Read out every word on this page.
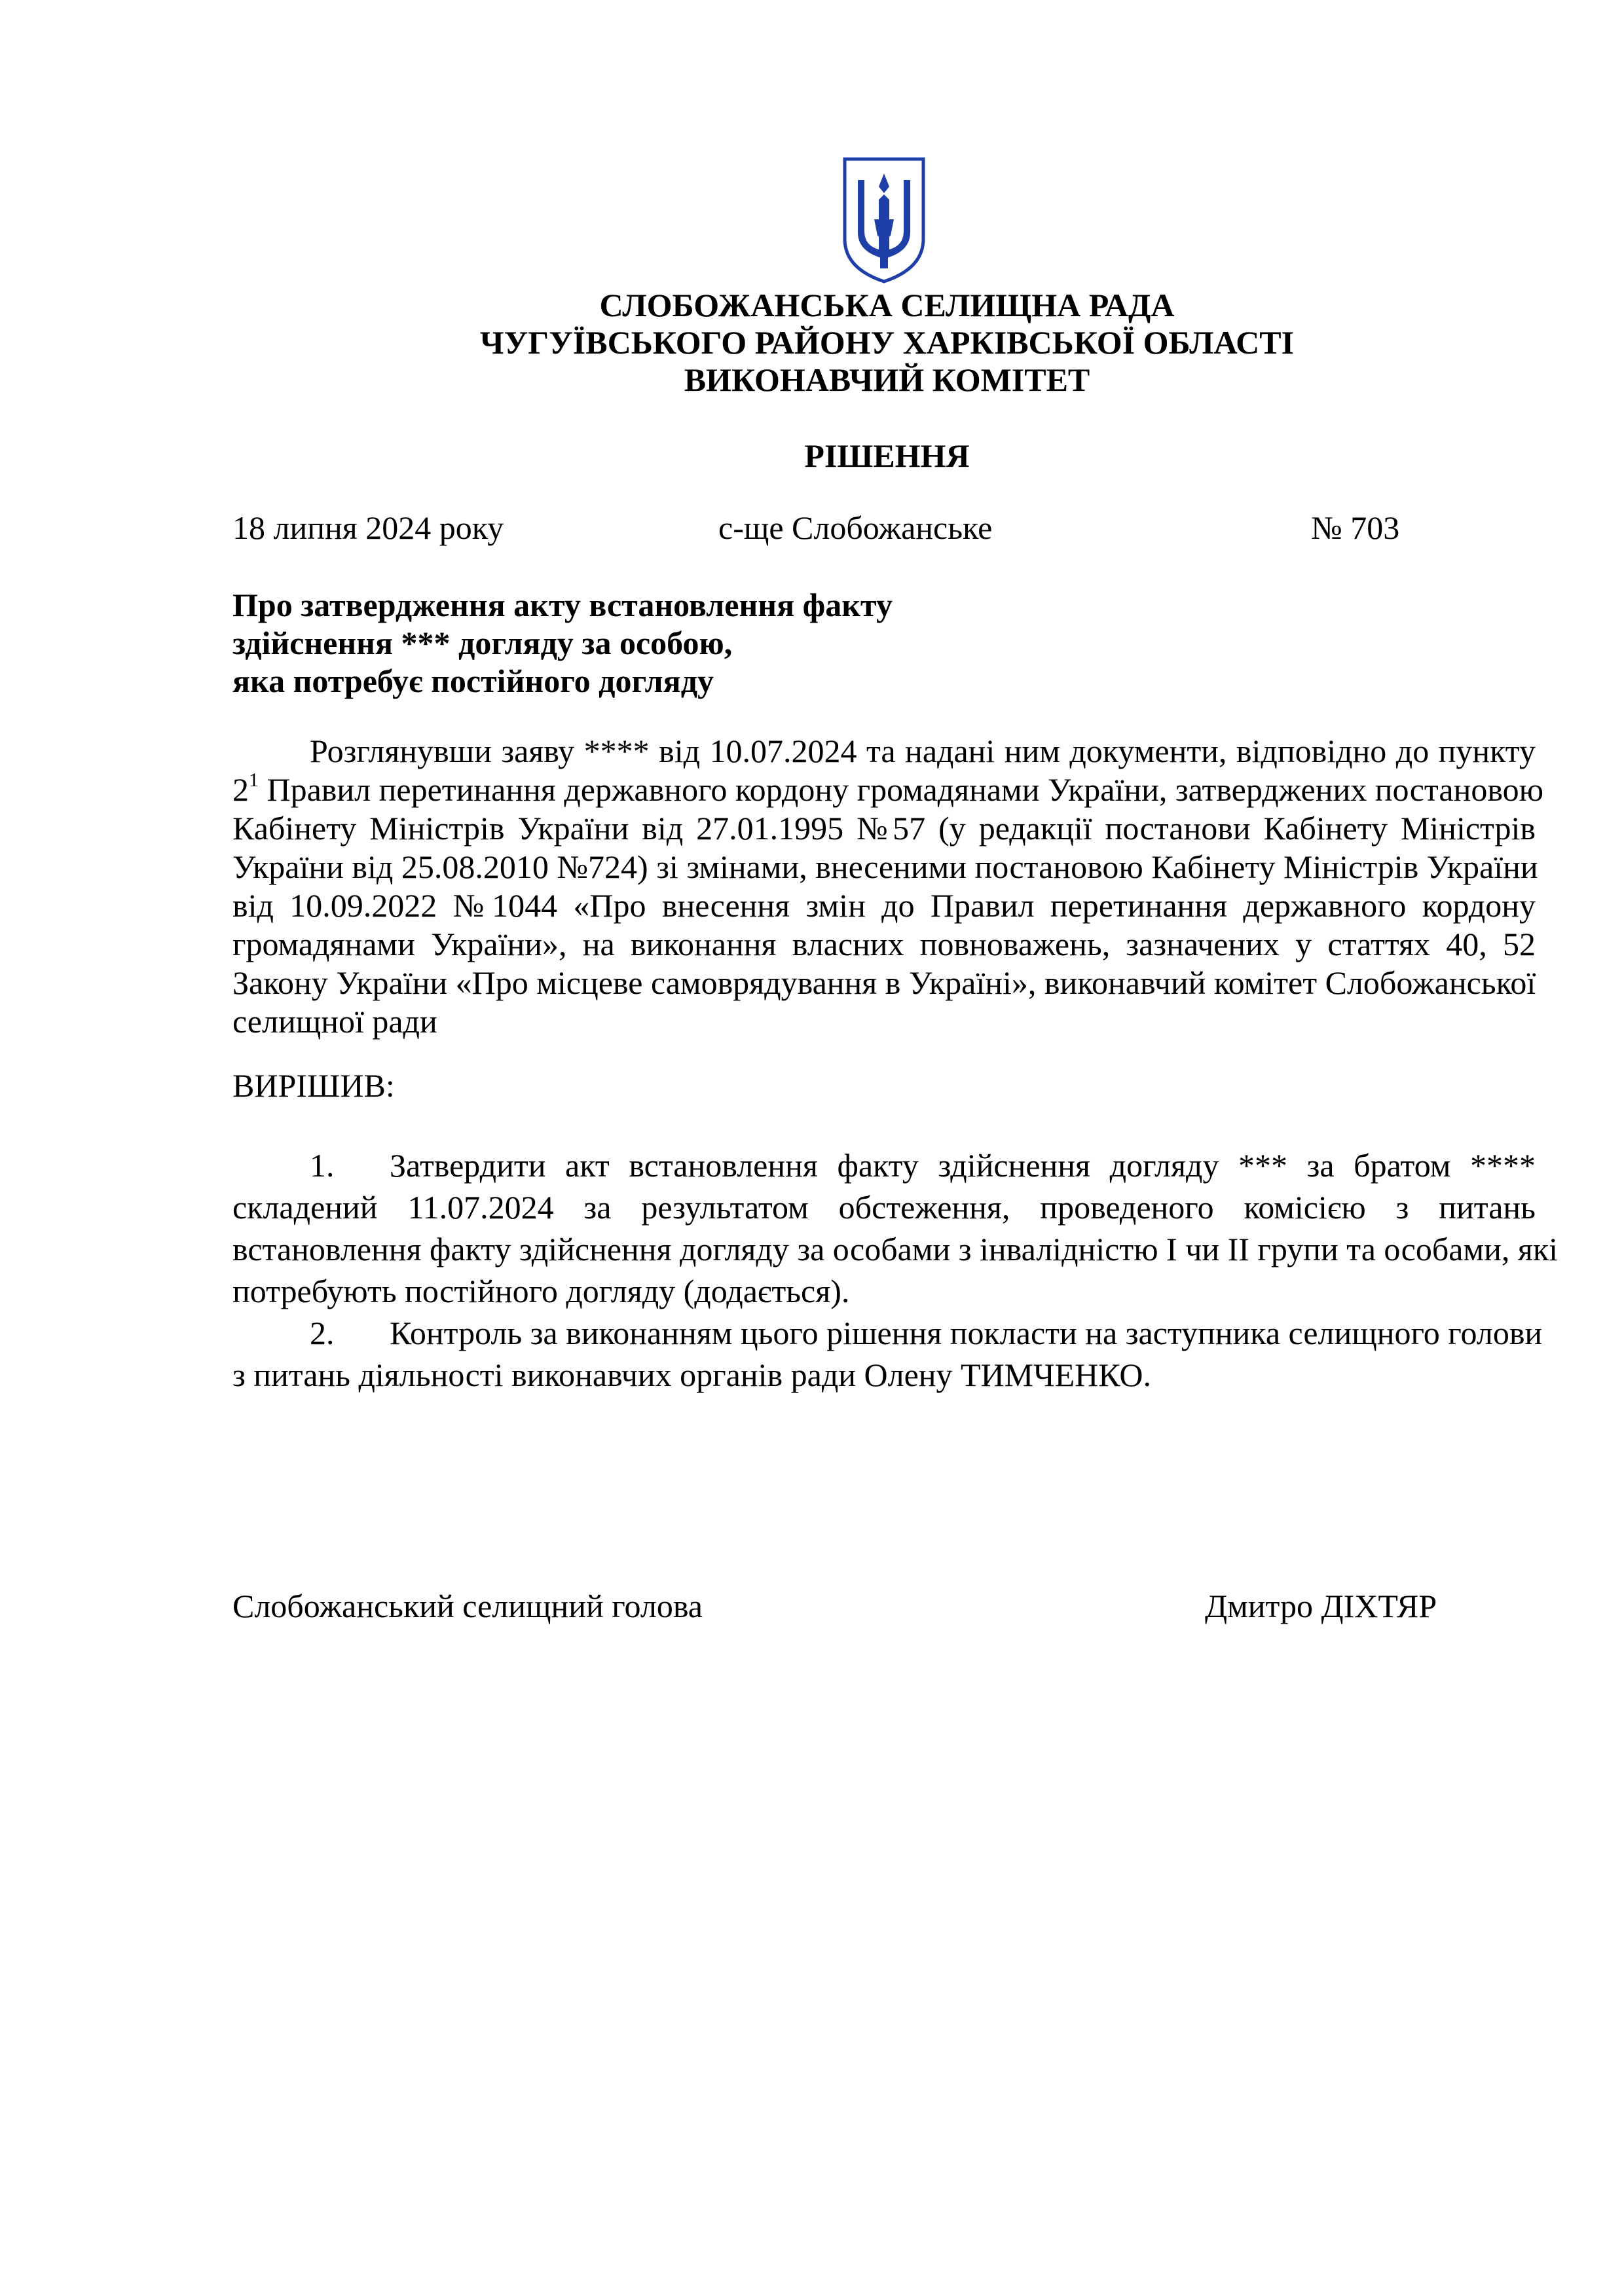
СЛОБОЖАНСЬКА СЕЛИЩНА РАДА
ЧУГУЇВСЬКОГО РАЙОНУ ХАРКІВСЬКОЇ ОБЛАСТІ
ВИКОНАВЧИЙ КОМІТЕТ
РІШЕННЯ
18 липня 2024 року	с-ще Слобожанське	№ 703
Про затвердження акту встановлення факту
здійснення *** догляду за особою,
яка потребує постійного догляду
Розглянувши заяву **** від 10.07.2024 та надані ним документи, відповідно до пункту
$2^1$ Правил перетинання державного кордону громадянами України, затверджених постановою
Кабінету Міністрів України від 27.01.1995 №57 (у редакції постанови Кабінету Міністрів
України від 25.08.2010 №724) зі змінами, внесеними постановою Кабінету Міністрів України
від 10.09.2022 №1044 «Про внесення змін до Правил перетинання державного кордону
громадянами України», на виконання власних повноважень, зазначених у статтях 40, 52
Закону України «Про місцеве самоврядування в Україні», виконавчий комітет Слобожанської
селищної ради
ВИРІШИВ:
1. Затвердити акт встановлення факту здійснення догляду *** за братом ****
складений 11.07.2024 за результатом обстеження, проведеного комісією з питань
встановлення факту здійснення догляду за особами з інвалідністю I чи II групи та особами, які
потребують постійного догляду (додається).
2. Контроль за виконанням цього рішення покласти на заступника селищного голови
з питань діяльності виконавчих органів ради Олену ТИМЧЕНКО.
Слобожанський селищний голова	Дмитро ДІХТЯР
